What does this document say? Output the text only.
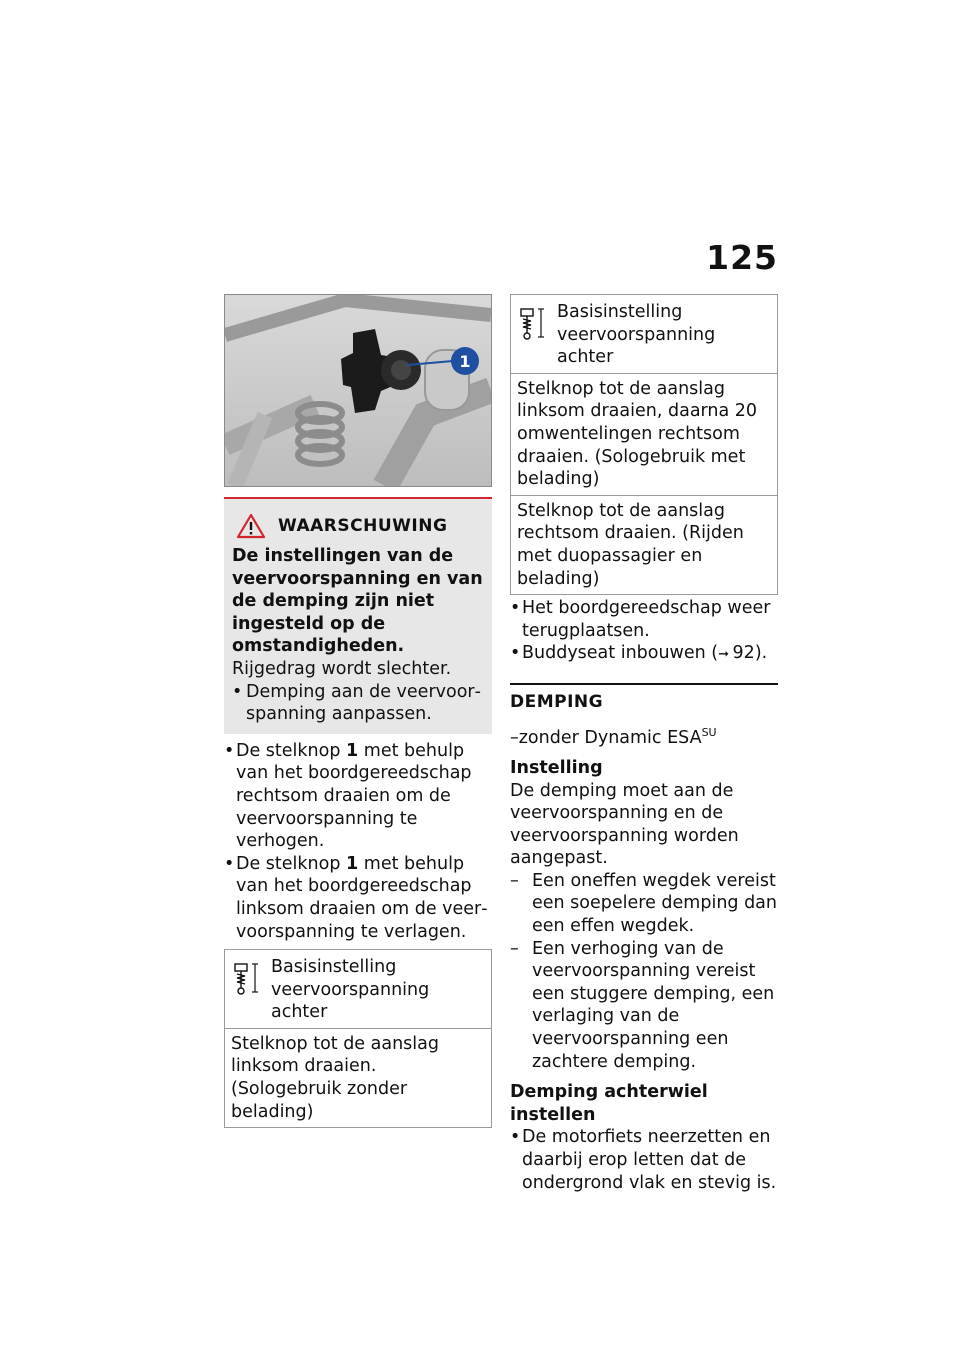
125
1
WAARSCHUWING
De instellingen van de veervoorspanning en van de demping zijn niet ingesteld op de omstandigheden.
Rijgedrag wordt slechter.
• Demping aan de veervoorspanning aanpassen.
• De stelknop 1 met behulp van het boordgereedschap rechtsom draaien om de veervoorspanning te verhogen.
• De stelknop 1 met behulp van het boordgereedschap linksom draaien om de veervoorspanning te verlagen.
Basisinstelling veervoorspanning achter
Stelknop tot de aanslag linksom draaien. (Sologebruik zonder belading)
Basisinstelling veervoorspanning achter
Stelknop tot de aanslag linksom draaien, daarna 20 omwentelingen rechtsom draaien. (Sologebruik met belading)
Stelknop tot de aanslag rechtsom draaien. (Rijden met duopassagier en belading)
• Het boordgereedschap weer terugplaatsen.
• Buddyseat inbouwen (➞  92).
DEMPING
–zonder Dynamic $ESA^{SU}$
Instelling
De demping moet aan de veervoorspanning en de veervoorspanning worden aangepast.
– Een oneffen wegdek vereist een soepelere demping dan een effen wegdek.
– Een verhoging van de veervoorspanning vereist een stuggere demping, een verlaging van de veervoorspanning een zachtere demping.
Demping achterwiel instellen
• De motorfiets neerzetten en daarbij erop letten dat de ondergrond vlak en stevig is.
